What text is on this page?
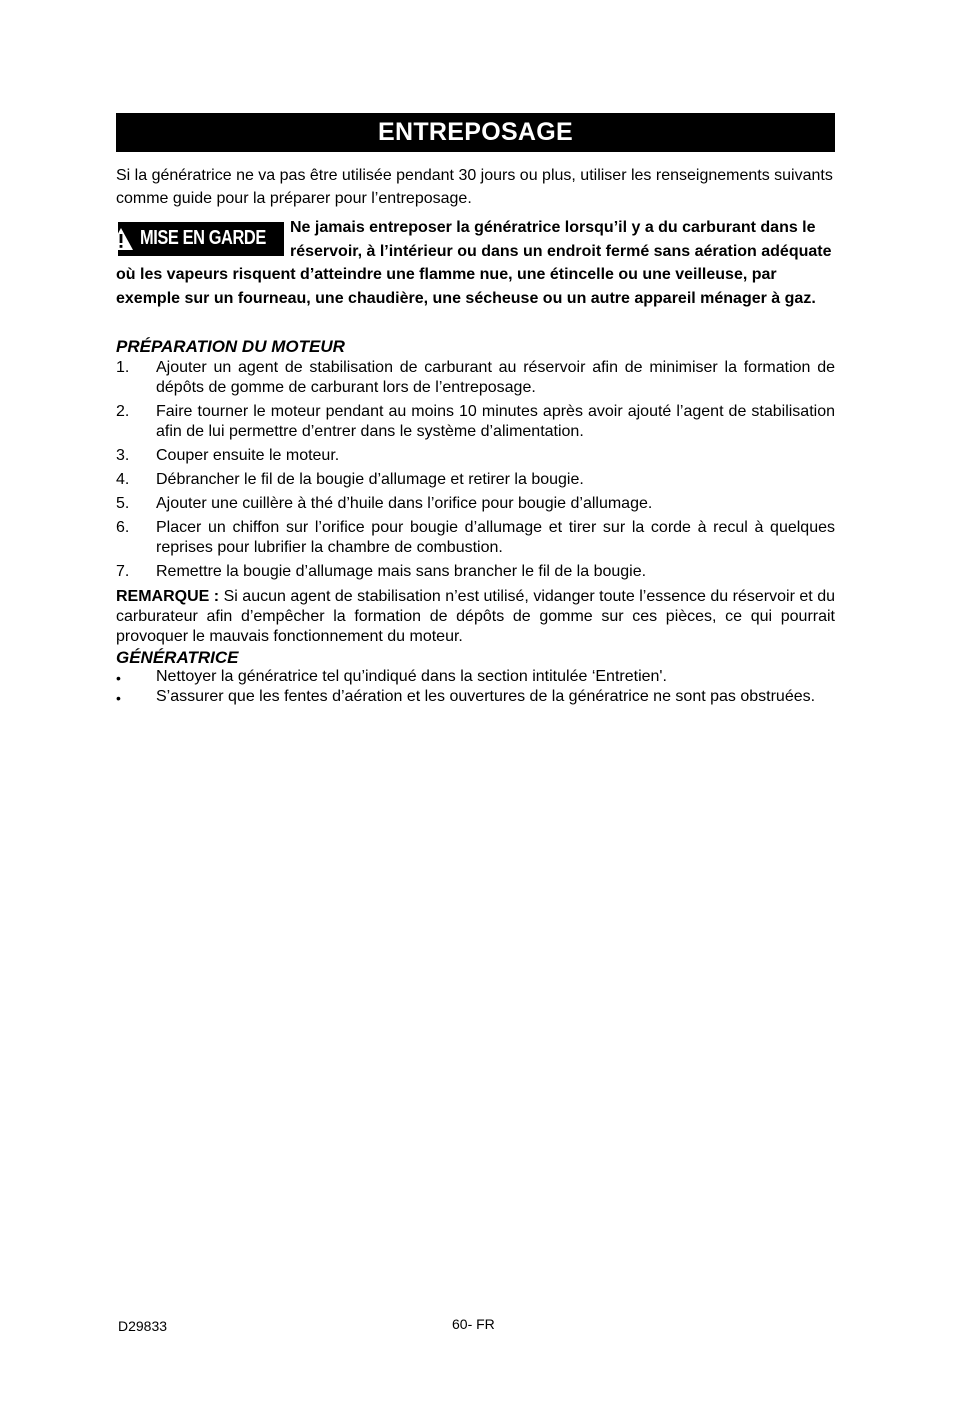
ENTREPOSAGE

Si la génératrice ne va pas être utilisée pendant 30 jours ou plus, utiliser les renseignements suivants comme guide pour la préparer pour l’entreposage.

MISE EN GARDE Ne jamais entreposer la génératrice lorsqu’il y a du carburant dans le réservoir, à l’intérieur ou dans un endroit fermé sans aération adéquate où les vapeurs risquent d’atteindre une flamme nue, une étincelle ou une veilleuse, par exemple sur un fourneau, une chaudière, une sécheuse ou un autre appareil ménager à gaz.
PRÉPARATION DU MOTEUR
1.	Ajouter un agent de stabilisation de carburant au réservoir afin de minimiser la formation de dépôts de gomme de carburant lors de l’entreposage.
2.	Faire tourner le moteur pendant au moins 10 minutes après avoir ajouté l’agent de stabilisation afin de lui permettre d’entrer dans le système d’alimentation.
3.	Couper ensuite le moteur.
4.	Débrancher le fil de la bougie d’allumage et retirer la bougie.
5.	Ajouter une cuillère à thé d’huile dans l’orifice pour bougie d’allumage.
6.	Placer un chiffon sur l’orifice pour bougie d’allumage et tirer sur la corde à recul à quelques reprises pour lubrifier la chambre de combustion.
7.	Remettre la bougie d’allumage mais sans brancher le fil de la bougie.

REMARQUE : Si aucun agent de stabilisation n’est utilisé, vidanger toute l’essence du réservoir et du carburateur afin d’empêcher la formation de dépôts de gomme sur ces pièces, ce qui pourrait provoquer le mauvais fonctionnement du moteur.

GÉNÉRATRICE
•	Nettoyer la génératrice tel qu’indiqué dans la section intitulée ‘Entretien'.
•	S’assurer que les fentes d’aération et les ouvertures de la génératrice ne sont pas obstruées.
D29833	60- FR
